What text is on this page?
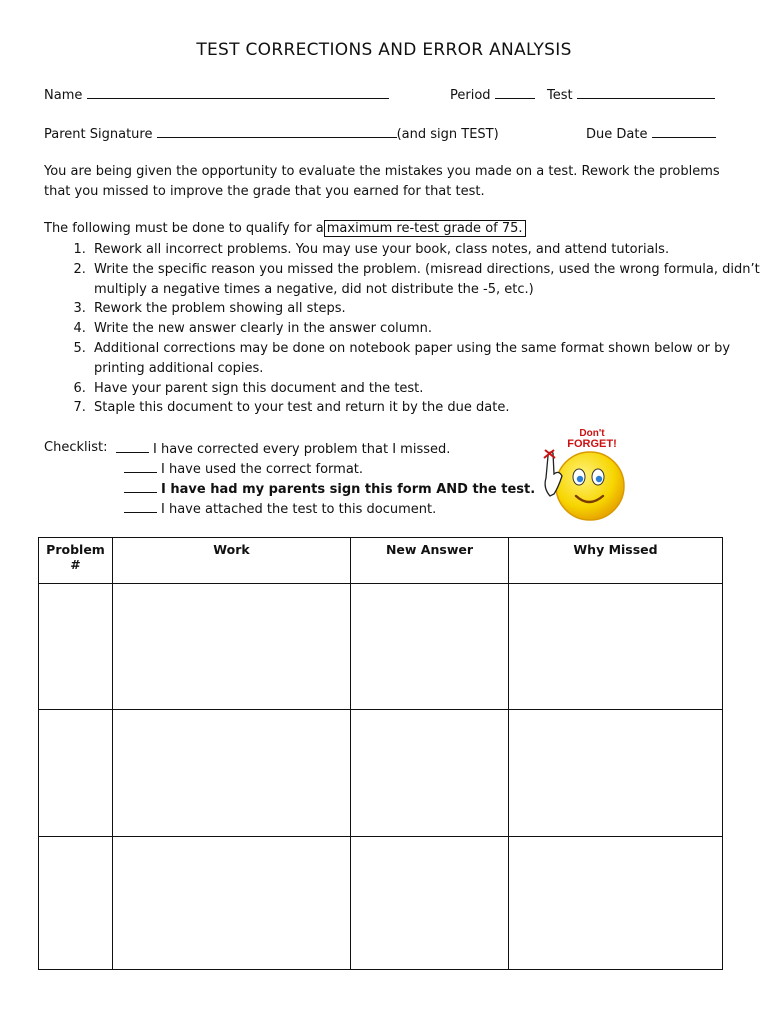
TEST CORRECTIONS AND ERROR ANALYSIS
Name	Period	Test
Parent Signature	(and sign TEST)	Due Date
You are being given the opportunity to evaluate the mistakes you made on a test. Rework the problems that you missed to improve the grade that you earned for that test.
The following must be done to qualify for a maximum re-test grade of 75.
1. Rework all incorrect problems. You may use your book, class notes, and attend tutorials.
2. Write the specific reason you missed the problem. (misread directions, used the wrong formula, didn’t multiply a negative times a negative, did not distribute the -5, etc.)
3. Rework the problem showing all steps.
4. Write the new answer clearly in the answer column.
5. Additional corrections may be done on notebook paper using the same format shown below or by printing additional copies.
6. Have your parent sign this document and the test.
7. Staple this document to your test and return it by the due date.
Checklist:	I have corrected every problem that I missed.
I have used the correct format.
I have had my parents sign this form AND the test.
I have attached the test to this document.
Don't
FORGET!
Problem #	Work	New Answer	Why Missed
